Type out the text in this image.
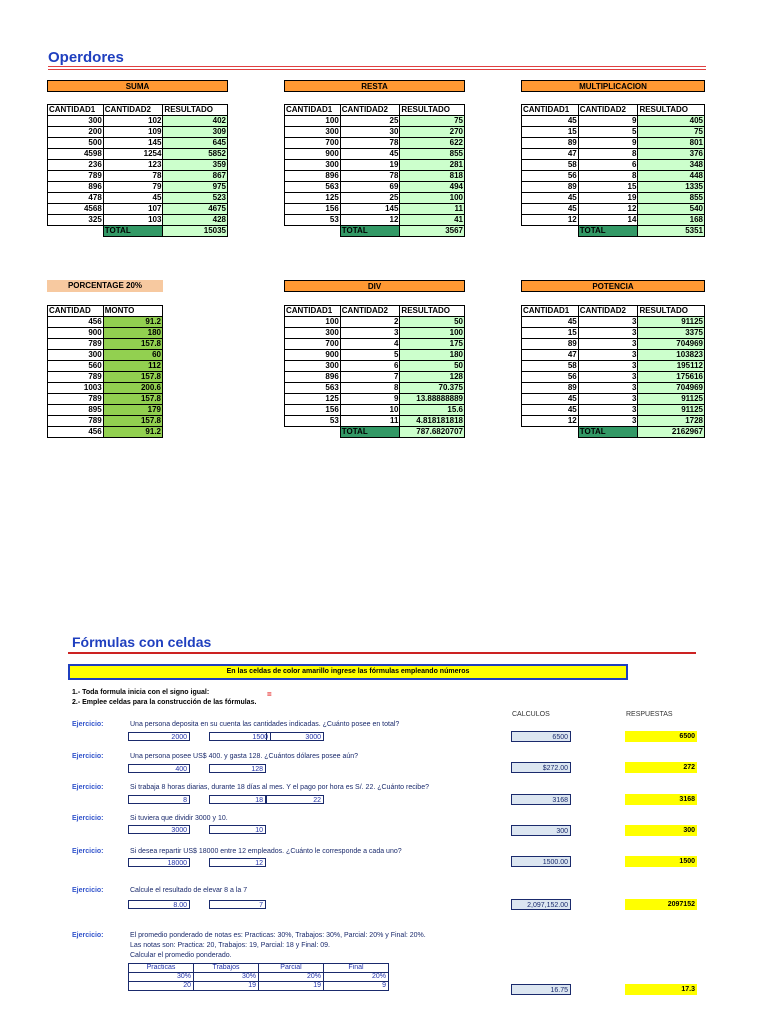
Operdores
SUMA
CANTIDAD1	CANTIDAD2	RESULTADO
300	102	402
200	109	309
500	145	645
4598	1254	5852
236	123	359
789	78	867
896	79	975
478	45	523
4568	107	4675
325	103	428
	TOTAL	15035
RESTA
CANTIDAD1	CANTIDAD2	RESULTADO
100	25	75
300	30	270
700	78	622
900	45	855
300	19	281
896	78	818
563	69	494
125	25	100
156	145	11
53	12	41
	TOTAL	3567
MULTIPLICACION
CANTIDAD1	CANTIDAD2	RESULTADO
45	9	405
15	5	75
89	9	801
47	8	376
58	6	348
56	8	448
89	15	1335
45	19	855
45	12	540
12	14	168
	TOTAL	5351
PORCENTAGE 20%
CANTIDAD	MONTO
456	91.2
900	180
789	157.8
300	60
560	112
789	157.8
1003	200.6
789	157.8
895	179
789	157.8
456	91.2
DIV
CANTIDAD1	CANTIDAD2	RESULTADO
100	2	50
300	3	100
700	4	175
900	5	180
300	6	50
896	7	128
563	8	70.375
125	9	13.88888889
156	10	15.6
53	11	4.818181818
	TOTAL	787.6820707
POTENCIA
CANTIDAD1	CANTIDAD2	RESULTADO
45	3	91125
15	3	3375
89	3	704969
47	3	103823
58	3	195112
56	3	175616
89	3	704969
45	3	91125
45	3	91125
12	3	1728
	TOTAL	2162967
Fórmulas con celdas
En las celdas de color amarillo ingrese las fórmulas empleando números
1.- Toda formula inicia con el signo igual:	=
2.- Emplee celdas para la construcción de las fórmulas.
CALCULOS	RESPUESTAS
Ejercicio:	Una persona deposita en su cuenta las cantidades indicadas. ¿Cuánto posee en total?
2000	1500	3000	6500	6500
Ejercicio:	Una persona posee US$ 400. y gasta 128. ¿Cuántos dólares posee aún?
400	128	$272.00	272
Ejercicio:	Si trabaja 8 horas diarias, durante 18 días al mes. Y el pago por hora es S/. 22. ¿Cuánto recibe?
8	18	22	3168	3168
Ejercicio:	Si tuviera que dividir 3000 y 10.
3000	10	300	300
Ejercicio:	Si desea repartir US$ 18000 entre 12 empleados. ¿Cuánto le corresponde a cada uno?
18000	12	1500.00	1500
Ejercicio:	Calcule el resultado de elevar 8 a la 7
8.00	7	2,097,152.00	2097152
Ejercicio:	El promedio ponderado de notas es: Practicas: 30%, Trabajos: 30%, Parcial: 20% y Final: 20%.
Las notas son: Practica: 20, Trabajos: 19, Parcial: 18 y Final: 09.
Calcular el promedio ponderado.
Practicas	Trabajos	Parcial	Final
30%	30%	20%	20%
20	19	19	9
16.75	17.3
